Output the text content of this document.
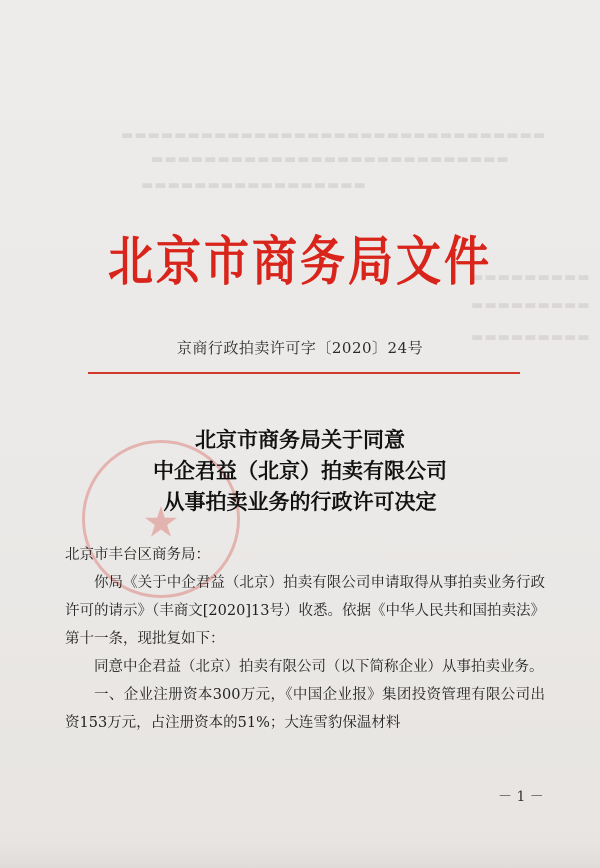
▬▬▬▬▬▬▬▬▬▬▬▬▬▬▬▬▬▬▬▬▬▬▬▬▬▬▬▬▬▬▬▬
▬▬▬▬▬▬▬▬▬▬▬▬▬▬▬▬▬▬▬▬▬▬▬▬▬▬▬
▬▬▬▬▬▬▬▬▬▬▬▬▬▬▬▬▬
▬▬▬▬▬▬▬▬▬
▬▬▬▬▬▬▬▬▬
▬▬▬▬▬▬▬▬▬
北京市商务局文件
京商行政拍卖许可字〔2020〕24号
★
北京市商务局关于同意
中企君益（北京）拍卖有限公司
从事拍卖业务的行政许可决定
北京市丰台区商务局：

你局《关于中企君益（北京）拍卖有限公司申请取得从事拍卖业务行政许可的请示》（丰商文[2020]13号）收悉。依据《中华人民共和国拍卖法》第十一条，现批复如下：

同意中企君益（北京）拍卖有限公司（以下简称企业）从事拍卖业务。

一、企业注册资本300万元，《中国企业报》集团投资管理有限公司出资153万元，占注册资本的51%；大连雪豹保温材料

－ 1 －
